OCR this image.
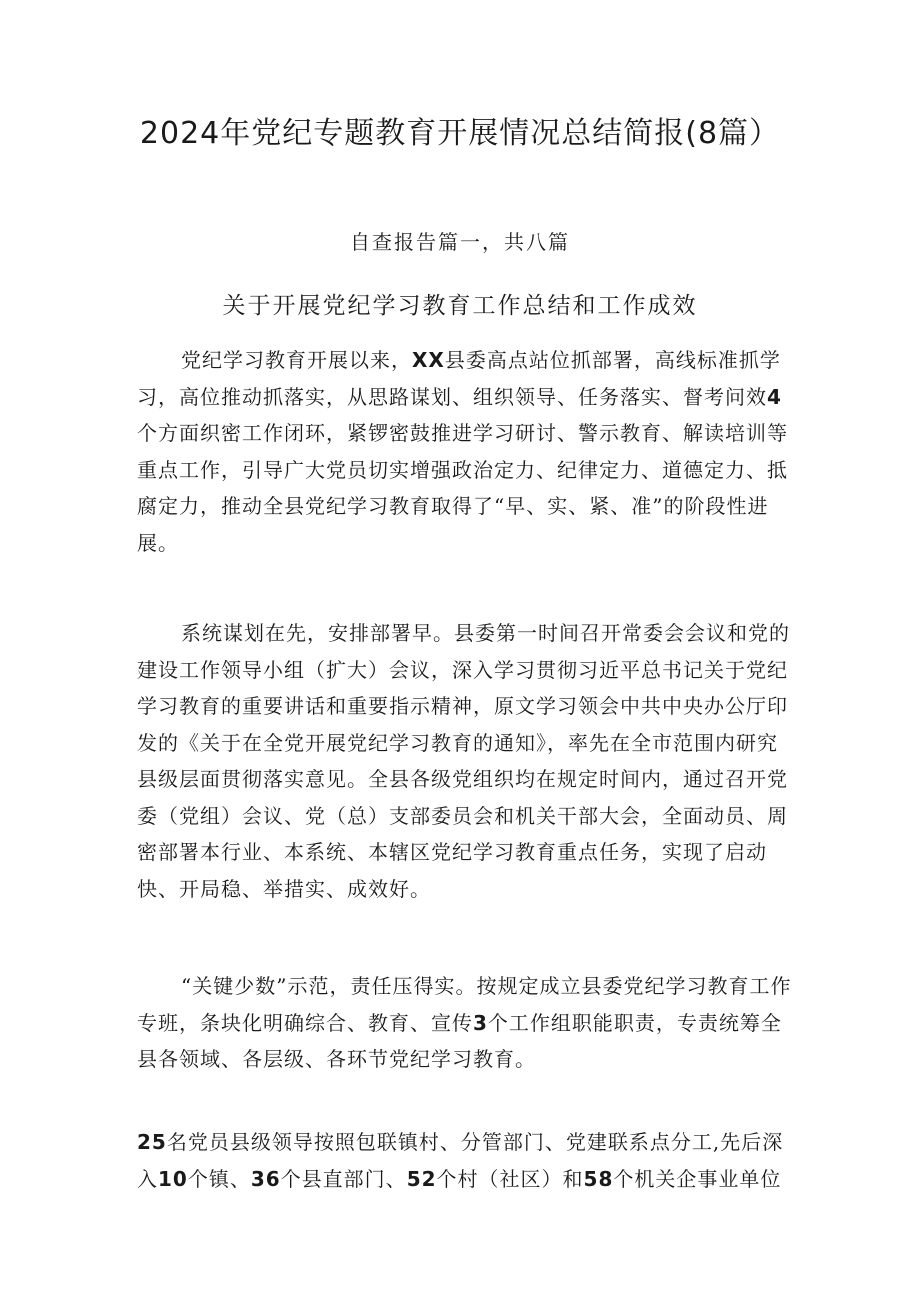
2024年党纪专题教育开展情况总结简报(8篇）
自查报告篇一，共八篇
关于开展党纪学习教育工作总结和工作成效

党纪学习教育开展以来，XX县委高点站位抓部署，高线标准抓学习，高位推动抓落实，从思路谋划、组织领导、任务落实、督考问效4个方面织密工作闭环，紧锣密鼓推进学习研讨、警示教育、解读培训等重点工作，引导广大党员切实增强政治定力、纪律定力、道德定力、抵腐定力，推动全县党纪学习教育取得了“早、实、紧、准”的阶段性进展。

系统谋划在先，安排部署早。县委第一时间召开常委会会议和党的建设工作领导小组（扩大）会议，深入学习贯彻习近平总书记关于党纪学习教育的重要讲话和重要指示精神，原文学习领会中共中央办公厅印发的《关于在全党开展党纪学习教育的通知》，率先在全市范围内研究县级层面贯彻落实意见。全县各级党组织均在规定时间内，通过召开党委（党组）会议、党（总）支部委员会和机关干部大会，全面动员、周密部署本行业、本系统、本辖区党纪学习教育重点任务，实现了启动快、开局稳、举措实、成效好。

“关键少数”示范，责任压得实。按规定成立县委党纪学习教育工作专班，条块化明确综合、教育、宣传3个工作组职能职责，专责统筹全县各领域、各层级、各环节党纪学习教育。

25名党员县级领导按照包联镇村、分管部门、党建联系点分工,先后深入10个镇、36个县直部门、52个村（社区）和58个机关企事业单位
